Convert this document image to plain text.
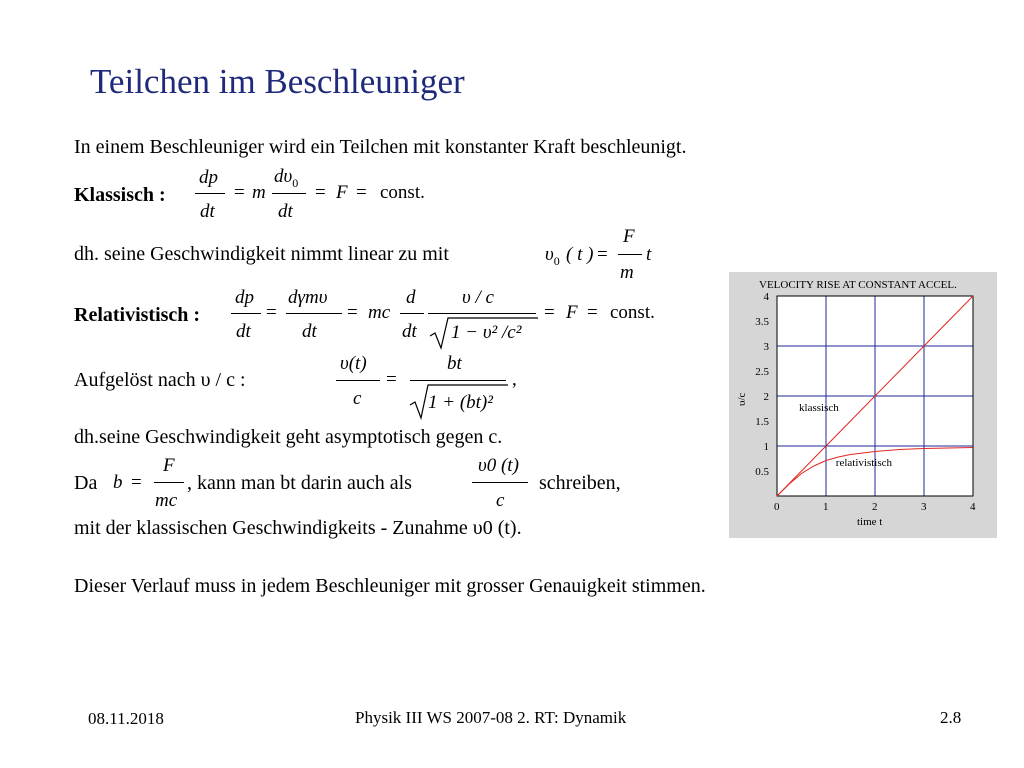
Teilchen im Beschleuniger
In einem Beschleuniger wird ein Teilchen mit konstanter Kraft beschleunigt.
Klassisch :
dp
dt
= m
$d\upsilon_0$
dt
= F = const.
dh. seine Geschwindigkeit nimmt linear zu mit	$\upsilon_0$ ( t ) =
F
m
t
Relativistisch :
dp
dt
=
dγmυ
dt
= mc
d
dt
υ / c
1 − υ² /c²
= F = const.
Aufgelöst nach υ / c :
υ(t)
c
=
bt
1 + (bt)²
,
dh.seine Geschwindigkeit geht asymptotisch gegen c.
Da b =
F
mc
, kann man bt darin auch als
υ0 (t)
c
schreiben,
mit der klassischen Geschwindigkeits - Zunahme υ0 (t).
Dieser Verlauf muss in jedem Beschleuniger mit grosser Genauigkeit stimmen.
VELOCITY RISE AT CONSTANT ACCEL.
0	1	2	3	4
0.5
1
1.5
2
2.5
3
3.5
4
υ/c
time t
klassisch
relativistisch
08.11.2018	Physik III WS 2007-08 2. RT: Dynamik	2.8
